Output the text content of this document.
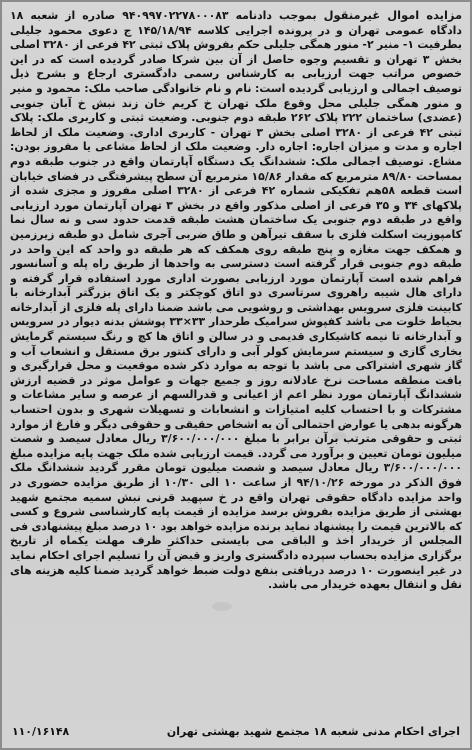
مزایده اموال غیرمنقول بموجب دادنامه ۹۴۰۹۹۷۰۲۲۷۸۰۰۰۸۳ صادره از شعبه ۱۸ دادگاه عمومی تهران و در پرونده اجرایی کلاسه ۱۴۵/۱۸/۹۴ ج دعوی محمود جلیلی بطرفیت ۱- منیر ۲- منور همگی جلیلی حکم بفروش پلاک ثبتی ۴۲ فرعی از ۳۲۸۰ اصلی بخش ۳ تهران و تقسیم وجوه حاصل از آن بین شرکا صادر گردیده است که در این خصوص مراتب جهت ارزیابی به کارشناس رسمی دادگستری ارجاع و بشرح ذیل توصیف اجمالی و ارزیابی گردیده است: نام و نام خانوادگی صاحب ملک: محمود و منیر و منور همگی جلیلی محل وقوع ملک تهران خ کریم خان زند نبش خ آبان جنوبی (عضدی) ساختمان ۲۲۲ پلاک ۲۶۲ طبقه دوم جنوبی. وضعیت ثبتی و کاربری ملک: پلاک ثبتی ۴۲ فرعی از ۳۲۸۰ اصلی بخش ۳ تهران - کاربری اداری. وضعیت ملک از لحاظ اجاره و مدت و میزان اجاره: اجاره دار. وضعیت ملک از لحاظ مشاعی یا مفروز بودن: مشاع. توصیف اجمالی ملک: ششدانگ یک دستگاه آپارتمان واقع در جنوب طبقه دوم بمساحت ۸۹/۸۰ مترمربع که مقدار ۱۵/۸۶ مترمربع آن سطح پیشرفتگی در فضای خیابان است قطعه ۵۸هم تفکیکی شماره ۴۲ فرعی از ۳۲۸۰ اصلی مفروز و مجزی شده از پلاکهای ۳۴ و ۳۵ فرعی از اصلی مذکور واقع در بخش ۳ تهران آپارتمان مورد ارزیابی واقع در طبقه دوم جنوبی یک ساختمان هشت طبقه قدمت حدود سی و نه سال نما کامپوزیت اسکلت فلزی با سقف تیرآهن و طاق ضربی آجری شامل دو طبقه زیرزمین و همکف جهت مغازه و پنج طبقه روی همکف که هر طبقه دو واحد که این واحد در طبقه دوم جنوبی قرار گرفته است دسترسی به واحدها از طریق راه پله و آسانسور فراهم شده است آپارتمان مورد ارزیابی بصورت اداری مورد استفاده قرار گرفته و دارای هال شیبه راهروی سرتاسری دو اتاق کوچکتر و یک اتاق بزرگتر آبدارخانه با کابینت فلزی سرویس بهداشتی و روشویی می باشد ضمنا دارای پله فلزی از آبدارخانه بحیاط خلوت می باشد کفپوش سرامیک طرحدار ۳۳×۳۳ پوشش بدنه دیوار در سرویس و آبدارخانه تا نیمه کاشیکاری قدیمی و در سالن و اتاق ها کچ و رنگ سیستم گرمایش بخاری گازی و سیستم سرمایش کولر آبی و دارای کنتور برق مستقل و انشعاب آب و گاز شهری اشتراکی می باشد با توجه به موارد ذکر شده موقعیت و محل قرارگیری و بافت منطقه مساحت نرخ عادلانه روز و جمیع جهات و عوامل موثر در قضیه ارزش ششدانگ آپارتمان مورد نظر اعم از اعیانی و قدرالسهم از عرصه و سایر مشاعات و مشترکات و با احتساب کلیه امتیازات و انشعابات و تسهیلات شهری و بدون احتساب هرگونه بدهی یا عوارض احتمالی آن به اشخاص حقیقی و حقوقی دیگر و فارغ از موارد ثبتی و حقوقی مترتب برآن برابر با مبلغ ۳/۶۰۰/۰۰۰/۰۰۰ ریال معادل سیصد و شصت میلیون تومان تعیین و برآورد می گردد. قیمت ارزیابی شده ملک جهت پایه مزایده مبلغ ۳/۶۰۰/۰۰۰/۰۰۰ ریال معادل سیصد و شصت میلیون تومان مقرر گردید ششدانگ ملک فوق الذکر در مورخه ۹۴/۱۰/۲۶ از ساعت ۱۰ الی ۱۰/۳۰ از طریق مزایده حضوری در واحد مزایده دادگاه حقوقی تهران واقع در خ سپهبد قرنی نبش سمیه مجتمع شهید بهشتی از طریق مزایده بفروش برسد مزایده از قیمت پایه کارشناسی شروع و کسی که بالاترین قیمت را پیشنهاد نماید برنده مزایده خواهد بود ۱۰ درصد مبلغ پیشنهادی فی المجلس از خریدار اخذ و الباقی می بایستی حداکثر ظرف مهلت یکماه از تاریخ برگزاری مزایده بحساب سپرده دادگستری واریز و قبض آن را تسلیم اجرای احکام نماید در غیر اینصورت ۱۰ درصد دریافتی بنفع دولت ضبط خواهد گردید ضمنا کلیه هزینه های نقل و انتقال بعهده خریدار می باشد.
اجرای احکام مدنی شعبه ۱۸ مجتمع شهید بهشتی تهران
۱۱۰/۱۶۱۴۸
